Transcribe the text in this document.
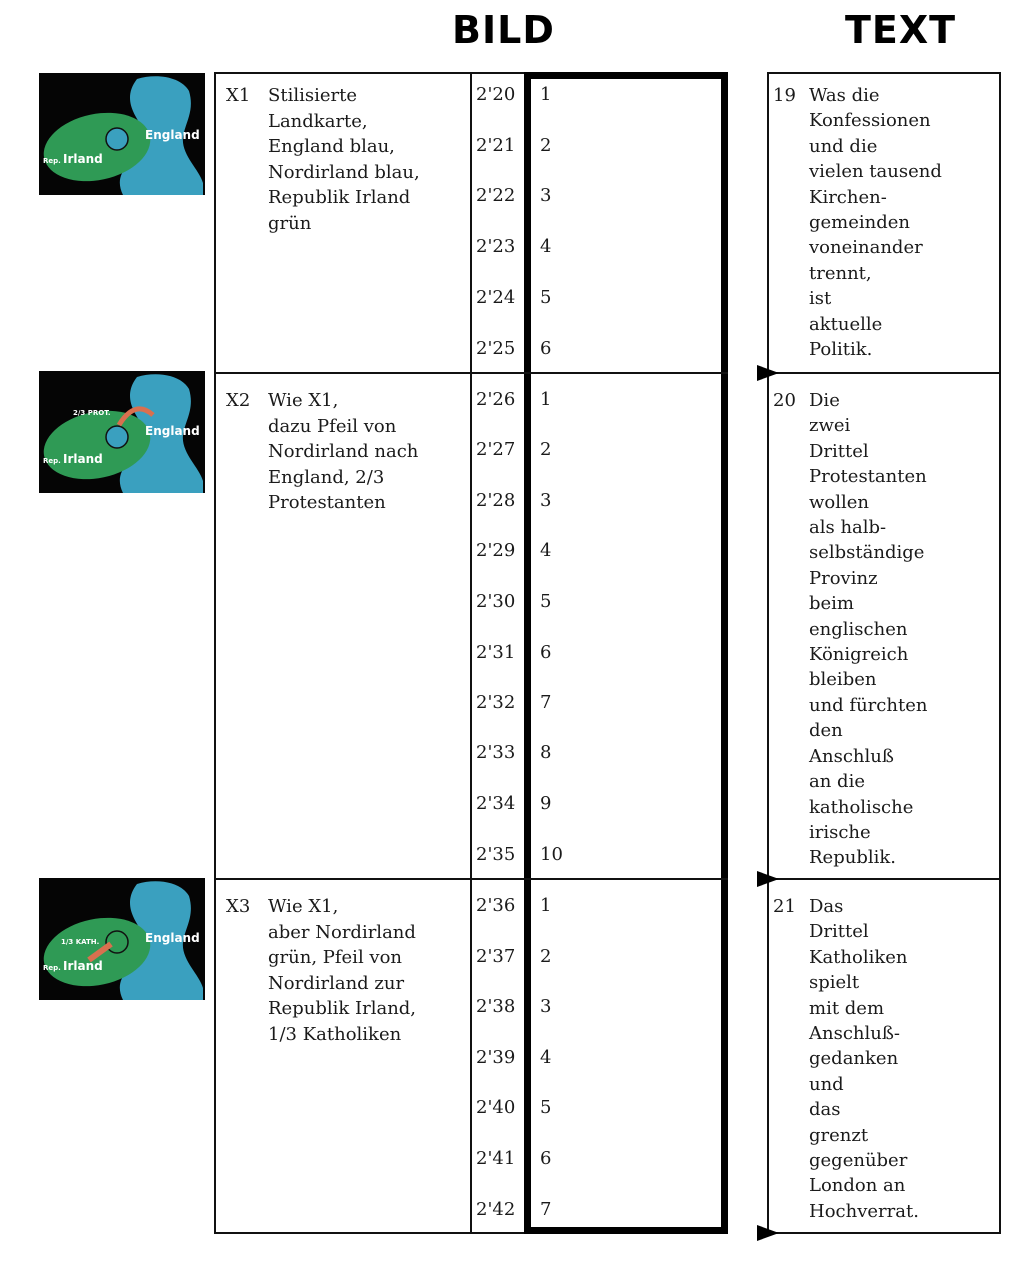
BILD	TEXT
England
Rep. Irland
2/3 PROT.
England
Rep. Irland
1/3 KATH.	England
Rep. Irland
X1 Stilisierte
Landkarte,
England blau,
Nordirland blau,
Republik Irland
grün
X2 Wie X1,
dazu Pfeil von
Nordirland nach
England, 2/3
Protestanten
X3 Wie X1,
aber Nordirland
grün, Pfeil von
Nordirland zur
Republik Irland,
1/3 Katholiken
2'20
2'21
2'22
2'23
2'24
2'25
2'26
2'27
2'28
2'29
2'30
2'31
2'32
2'33
2'34
2'35
2'36
2'37
2'38
2'39
2'40
2'41
2'42
1
2
3
4
5
6
1
2
3
4
5
6
7
8
9
10
1
2
3
4
5
6
7
19 Was die
Konfessionen
und die
vielen tausend
Kirchen-
gemeinden
voneinander
trennt,
ist
aktuelle
Politik.
20 Die
zwei
Drittel
Protestanten
wollen
als halb-
selbständige
Provinz
beim
englischen
Königreich
bleiben
und fürchten
den
Anschluß
an die
katholische
irische
Republik.
21 Das
Drittel
Katholiken
spielt
mit dem
Anschluß-
gedanken
und
das
grenzt
gegenüber
London an
Hochverrat.
